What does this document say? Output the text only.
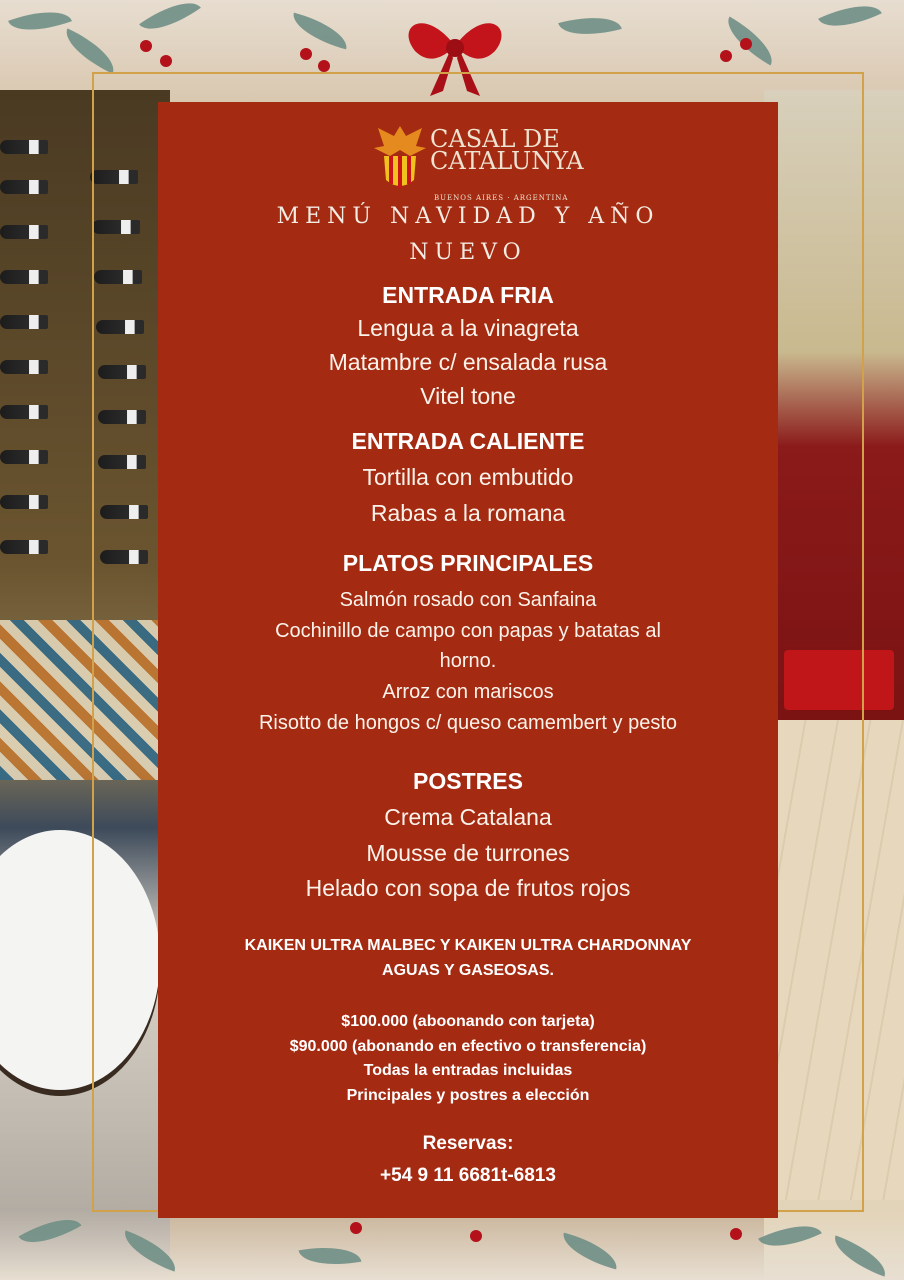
CASAL DE
CATALUNYA
BUENOS AIRES · ARGENTINA
MENÚ NAVIDAD Y AÑO
NUEVO
ENTRADA FRIA
Lengua a la vinagreta
Matambre c/ ensalada rusa
Vitel tone
ENTRADA CALIENTE
Tortilla con embutido
Rabas a la romana
PLATOS PRINCIPALES
Salmón rosado con Sanfaina
Cochinillo de campo con papas y batatas al
horno.
Arroz con mariscos
Risotto de hongos c/ queso camembert y pesto
POSTRES
Crema Catalana
Mousse de turrones
Helado con sopa de frutos rojos
KAIKEN ULTRA MALBEC Y KAIKEN ULTRA CHARDONNAY
AGUAS Y GASEOSAS.
$100.000 (aboonando con tarjeta)
$90.000 (abonando en efectivo o transferencia)
Todas la entradas incluidas
Principales y postres a elección
Reservas:
+54 9 11 6681t-6813
